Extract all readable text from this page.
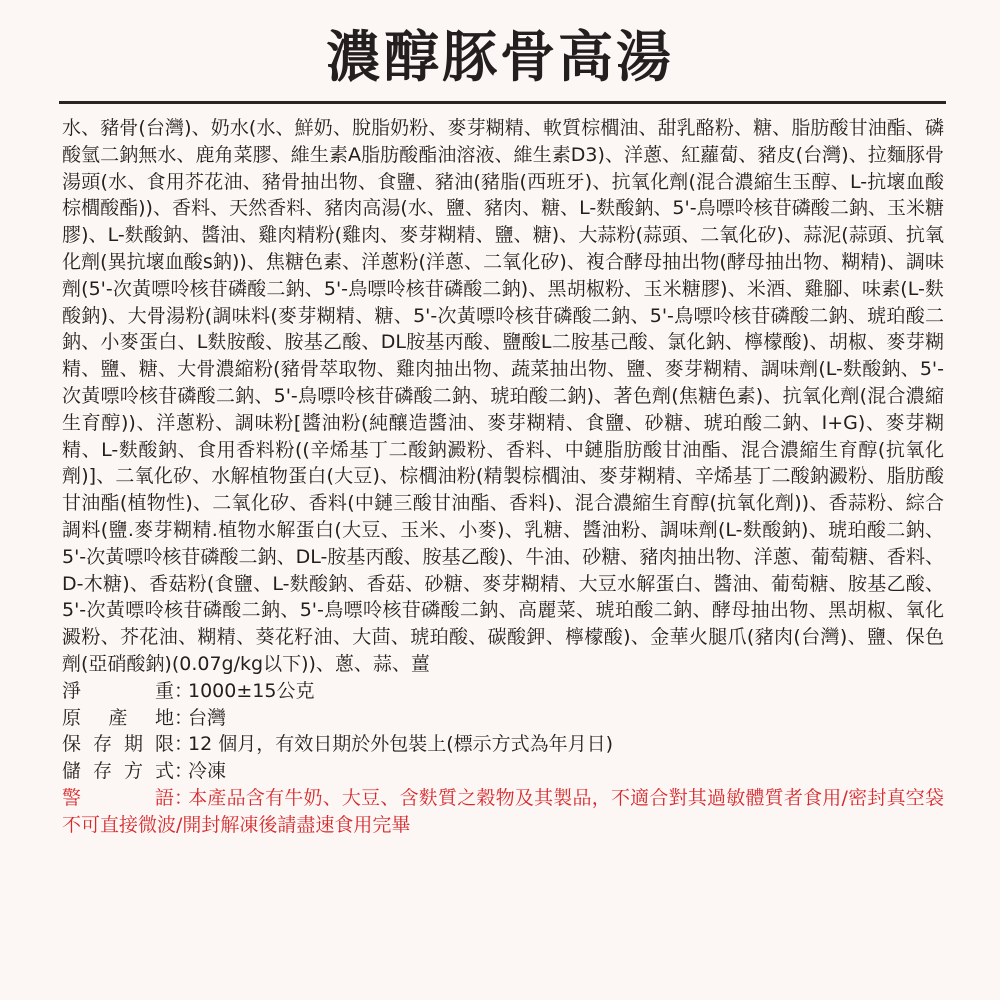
濃醇豚骨高湯

水、豬骨(台灣)、奶水(水、鮮奶、脫脂奶粉、麥芽糊精、軟質棕櫚油、甜乳酪粉、糖、脂肪酸甘油酯、磷酸氫二鈉無水、鹿角菜膠、維生素A脂肪酸酯油溶液、維生素D3)、洋蔥、紅蘿蔔、豬皮(台灣)、拉麵豚骨湯頭(水、食用芥花油、豬骨抽出物、食鹽、豬油(豬脂(西班牙)、抗氧化劑(混合濃縮生玉醇、L-抗壞血酸棕櫚酸酯))、香料、天然香料、豬肉高湯(水、鹽、豬肉、糖、L-麩酸鈉、5'-鳥嘌呤核苷磷酸二鈉、玉米糖膠)、L-麩酸鈉、醬油、雞肉精粉(雞肉、麥芽糊精、鹽、糖)、大蒜粉(蒜頭、二氧化矽)、蒜泥(蒜頭、抗氧化劑(異抗壞血酸s鈉))、焦糖色素、洋蔥粉(洋蔥、二氧化矽)、複合酵母抽出物(酵母抽出物、糊精)、調味劑(5'-次黃嘌呤核苷磷酸二鈉、5'-鳥嘌呤核苷磷酸二鈉)、黑胡椒粉、玉米糖膠)、米酒、雞腳、味素(L-麩酸鈉)、大骨湯粉(調味料(麥芽糊精、糖、5'-次黃嘌呤核苷磷酸二鈉、5'-鳥嘌呤核苷磷酸二鈉、琥珀酸二鈉、小麥蛋白、L麩胺酸、胺基乙酸、DL胺基丙酸、鹽酸L二胺基己酸、氯化鈉、檸檬酸)、胡椒、麥芽糊精、鹽、糖、大骨濃縮粉(豬骨萃取物、雞肉抽出物、蔬菜抽出物、鹽、麥芽糊精、調味劑(L-麩酸鈉、5'-次黃嘌呤核苷磷酸二鈉、5'-鳥嘌呤核苷磷酸二鈉、琥珀酸二鈉)、著色劑(焦糖色素)、抗氧化劑(混合濃縮生育醇))、洋蔥粉、調味粉[醬油粉(純釀造醬油、麥芽糊精、食鹽、砂糖、琥珀酸二鈉、I+G)、麥芽糊精、L-麩酸鈉、食用香料粉((辛烯基丁二酸鈉澱粉、香料、中鏈脂肪酸甘油酯、混合濃縮生育醇(抗氧化劑)]、二氧化矽、水解植物蛋白(大豆)、棕櫚油粉(精製棕櫚油、麥芽糊精、辛烯基丁二酸鈉澱粉、脂肪酸甘油酯(植物性)、二氧化矽、香料(中鏈三酸甘油酯、香料)、混合濃縮生育醇(抗氧化劑))、香蒜粉、綜合調料(鹽.麥芽糊精.植物水解蛋白(大豆、玉米、小麥)、乳糖、醬油粉、調味劑(L-麩酸鈉)、琥珀酸二鈉、5'-次黃嘌呤核苷磷酸二鈉、DL-胺基丙酸、胺基乙酸)、牛油、砂糖、豬肉抽出物、洋蔥、葡萄糖、香料、D-木糖)、香菇粉(食鹽、L-麩酸鈉、香菇、砂糖、麥芽糊精、大豆水解蛋白、醬油、葡萄糖、胺基乙酸、5'-次黃嘌呤核苷磷酸二鈉、5'-鳥嘌呤核苷磷酸二鈉、高麗菜、琥珀酸二鈉、酵母抽出物、黑胡椒、氧化澱粉、芥花油、糊精、葵花籽油、大茴、琥珀酸、碳酸鉀、檸檬酸)、金華火腿爪(豬肉(台灣)、鹽、保色劑(亞硝酸鈉)(0.07g/kg以下))、蔥、蒜、薑

淨　　重 ：
1000±15公克
原 產 地 ：
台灣
保存期限 ：
12 個月，有效日期於外包裝上(標示方式為年月日)
儲存方式 ：
冷凍
警　　語：本產品含有牛奶、大豆、含麩質之穀物及其製品，不適合對其過敏體質者食用/密封真空袋不可直接微波/開封解凍後請盡速食用完畢
